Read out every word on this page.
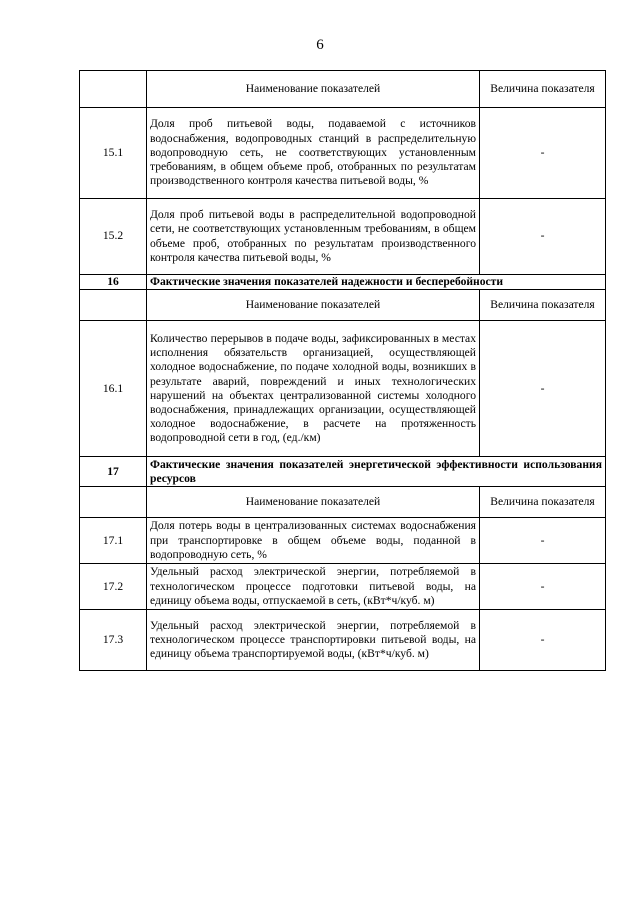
6
	Наименование показателей	Величина показателя
15.1	Доля проб питьевой воды, подаваемой с источников водоснабжения, водопроводных станций в распределительную водопроводную сеть, не соответствующих установленным требованиям, в общем объеме проб, отобранных по результатам производственного контроля качества питьевой воды, %	-
15.2	Доля проб питьевой воды в распределительной водопроводной сети, не соответствующих установленным требованиям, в общем объеме проб, отобранных по результатам производственного контроля качества питьевой воды, %	-
16	Фактические значения показателей надежности и бесперебойности	
	Наименование показателей	Величина показателя
16.1	Количество перерывов в подаче воды, зафиксированных в местах исполнения обязательств организацией, осуществляющей холодное водоснабжение, по подаче холодной воды, возникших в результате аварий, повреждений и иных технологических нарушений на объектах централизованной системы холодного водоснабжения, принадлежащих организации, осуществляющей холодное водоснабжение, в расчете на протяженность водопроводной сети в год, (ед./км)	-
17	Фактические значения показателей энергетической эффективности использования ресурсов	
	Наименование показателей	Величина показателя
17.1	Доля потерь воды в централизованных системах водоснабжения при транспортировке в общем объеме воды, поданной в водопроводную сеть, %	-
17.2	Удельный расход электрической энергии, потребляемой в технологическом процессе подготовки питьевой воды, на единицу объема воды, отпускаемой в сеть, (кВт*ч/куб. м)	-
17.3	Удельный расход электрической энергии, потребляемой в технологическом процессе транспортировки питьевой воды, на единицу объема транспортируемой воды, (кВт*ч/куб. м)	-
